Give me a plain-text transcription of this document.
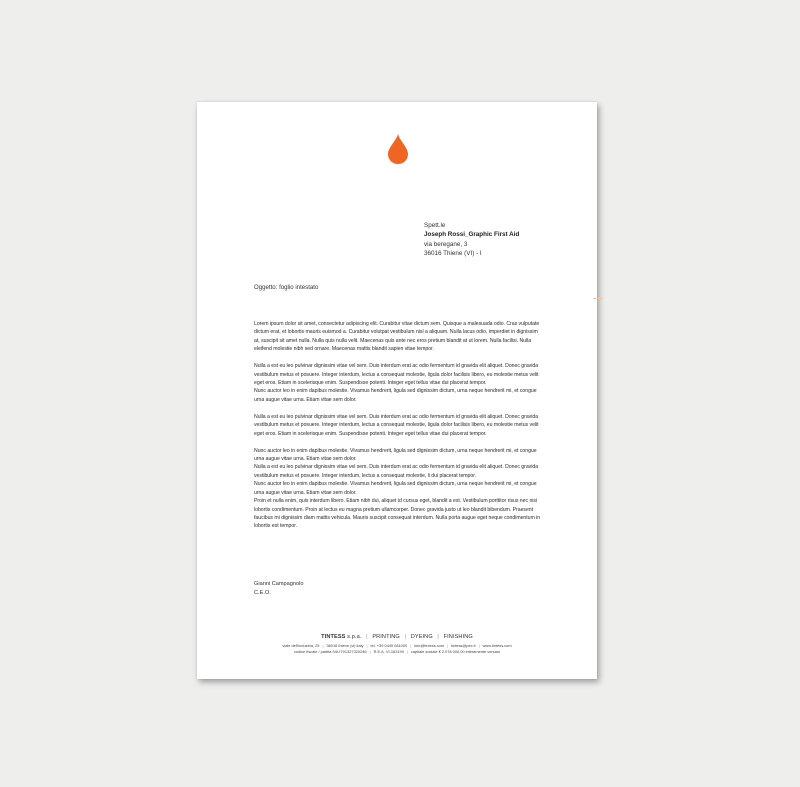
Spett.le
Joseph Rossi_Graphic First Aid
via beregane, 3
36016 Thiene (VI) - I
Oggetto: foglio intestato

Lorem ipsum dolor sit amet, consectetur adipiscing elit. Curabitur vitae dictum sem. Quisque a malesuada odio. Cras vulputate dictum erat, et lobortis mauris euismod a. Curabitur volutpat vestibulum nisl a aliquam. Nulla lacus odio, imperdiet in dignissim at, suscipit sit amet nulla. Nulla quis nulla velit. Maecenas quis ante nec eros pretium blandit at ut lorem. Nulla facilisi. Nulla eleifend molestie nibh sed ornare. Maecenas mattis blandit sapien vitae tempor.

Nulla a est eu leo pulvinar dignissim vitae vel sem. Duis interdum erat ac odio fermentum id gravida elit aliquet. Donec gravida vestibulum metus et posuere. Integer interdum, lectus a consequat molestie, ligula dolor facilisis libero, eu molestie metus velit eget eros. Etiam in scelerisque enim. Suspendisse potenti. Integer eget tellus vitae dui placerat tempor.
Nunc auctor leo in enim dapibus molestie. Vivamus hendrerit, ligula sed dignissim dictum, urna neque hendrerit mi, et congue urna augue vitae urna. Etiam vitae sem dolor.

Nulla a est eu leo pulvinar dignissim vitae vel sem. Duis interdum erat ac odio fermentum id gravida elit aliquet. Donec gravida vestibulum metus et posuere. Integer interdum, lectus a consequat molestie, ligula dolor facilisis libero, eu molestie metus velit eget eros. Etiam in scelerisque enim. Suspendisse potenti. Integer eget tellus vitae dui placerat tempor.

Nunc auctor leo in enim dapibus molestie. Vivamus hendrerit, ligula sed dignissim dictum, urna neque hendrerit mi, et congue urna augue vitae urna. Etiam vitae sem dolor.
Nulla a est eu leo pulvinar dignissim vitae vel sem. Duis interdum erat ac odio fermentum id gravida elit aliquet. Donec gravida vestibulum metus et posuere. Integer interdum, lectus a consequat molestie, li dui placerat tempor.
Nunc auctor leo in enim dapibus molestie. Vivamus hendrerit, ligula sed dignissim dictum, urna neque hendrerit mi, et congue urna augue vitae urna. Etiam vitae sem dolor.
Proin et nulla enim, quis interdum libero. Etiam nibh dui, aliquet id cursus eget, blandit a est. Vestibulum porttitor risus nec nisi lobortis condimentum. Proin at lectus eu magna pretium ullamcorper. Donec gravida justo ut leo blandit bibendum. Praesent faucibus mi dignissim diam mattis vehicula. Mauris suscipit consequat interdum. Nulla porta augue eget neque condimentum in lobortis est tempor.

Gianni Campagnolo
C.E.O.
TINTESS s.p.a. | PRINTING | DYEING | FINISHING
viale dell'industria, 25 | 36016 thiene (vi) italy | tel. +39 0445 081000 | info@tintess.com | tintess@pec.it | www.tintess.com
codice fiscale / partita IVA IT01327320246 | R.E.A. VI-163199 | capitale sociale € 2.078.000,00 interamente versato
